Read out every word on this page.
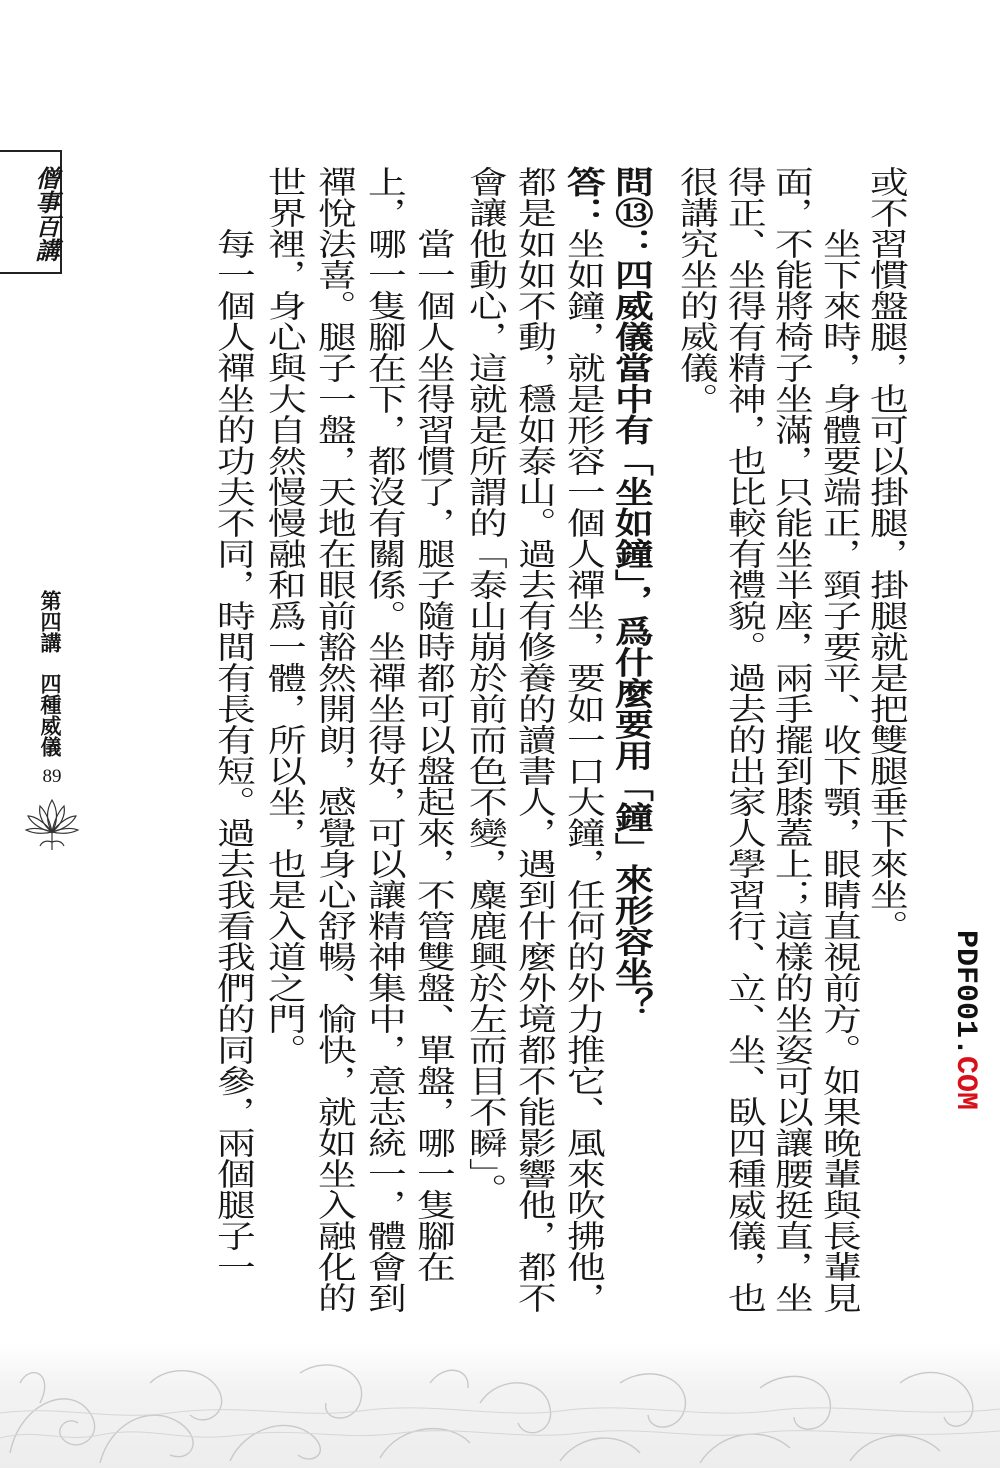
僧事百講	或不習慣盤腿，也可以掛腿，掛腿就是把雙腿垂下來坐。
坐下來時，身體要端正，頸子要平、收下顎，眼睛直視前方。如果晚輩與長輩見
面，不能將椅子坐滿，只能坐半座，兩手擺到膝蓋上；這樣的坐姿可以讓腰挺直，坐
得正、坐得有精神，也比較有禮貌。過去的出家人學習行、立、坐、臥四種威儀，也
很講究坐的威儀。
問⑬：四威儀當中有「坐如鐘」，爲什麼要用「鐘」來形容坐？
答：坐如鐘，就是形容一個人禪坐，要如一口大鐘，任何的外力推它、風來吹拂他，
都是如如不動，穩如泰山。過去有修養的讀書人，遇到什麼外境都不能影響他，都不
會讓他動心，這就是所謂的「泰山崩於前而色不變，麋鹿興於左而目不瞬」。
當一個人坐得習慣了，腿子隨時都可以盤起來，不管雙盤、單盤，哪一隻腳在
上，哪一隻腳在下，都沒有關係。坐禪坐得好，可以讓精神集中，意志統一，體會到
禪悅法喜。腿子一盤，天地在眼前豁然開朗，感覺身心舒暢、愉快，就如坐入融化的
世界裡，身心與大自然慢慢融和爲一體，所以坐，也是入道之門。
每一個人禪坐的功夫不同，時間有長有短。過去我看我們的同參，兩個腿子一
第四講四種威儀
89
PDF001.COM
